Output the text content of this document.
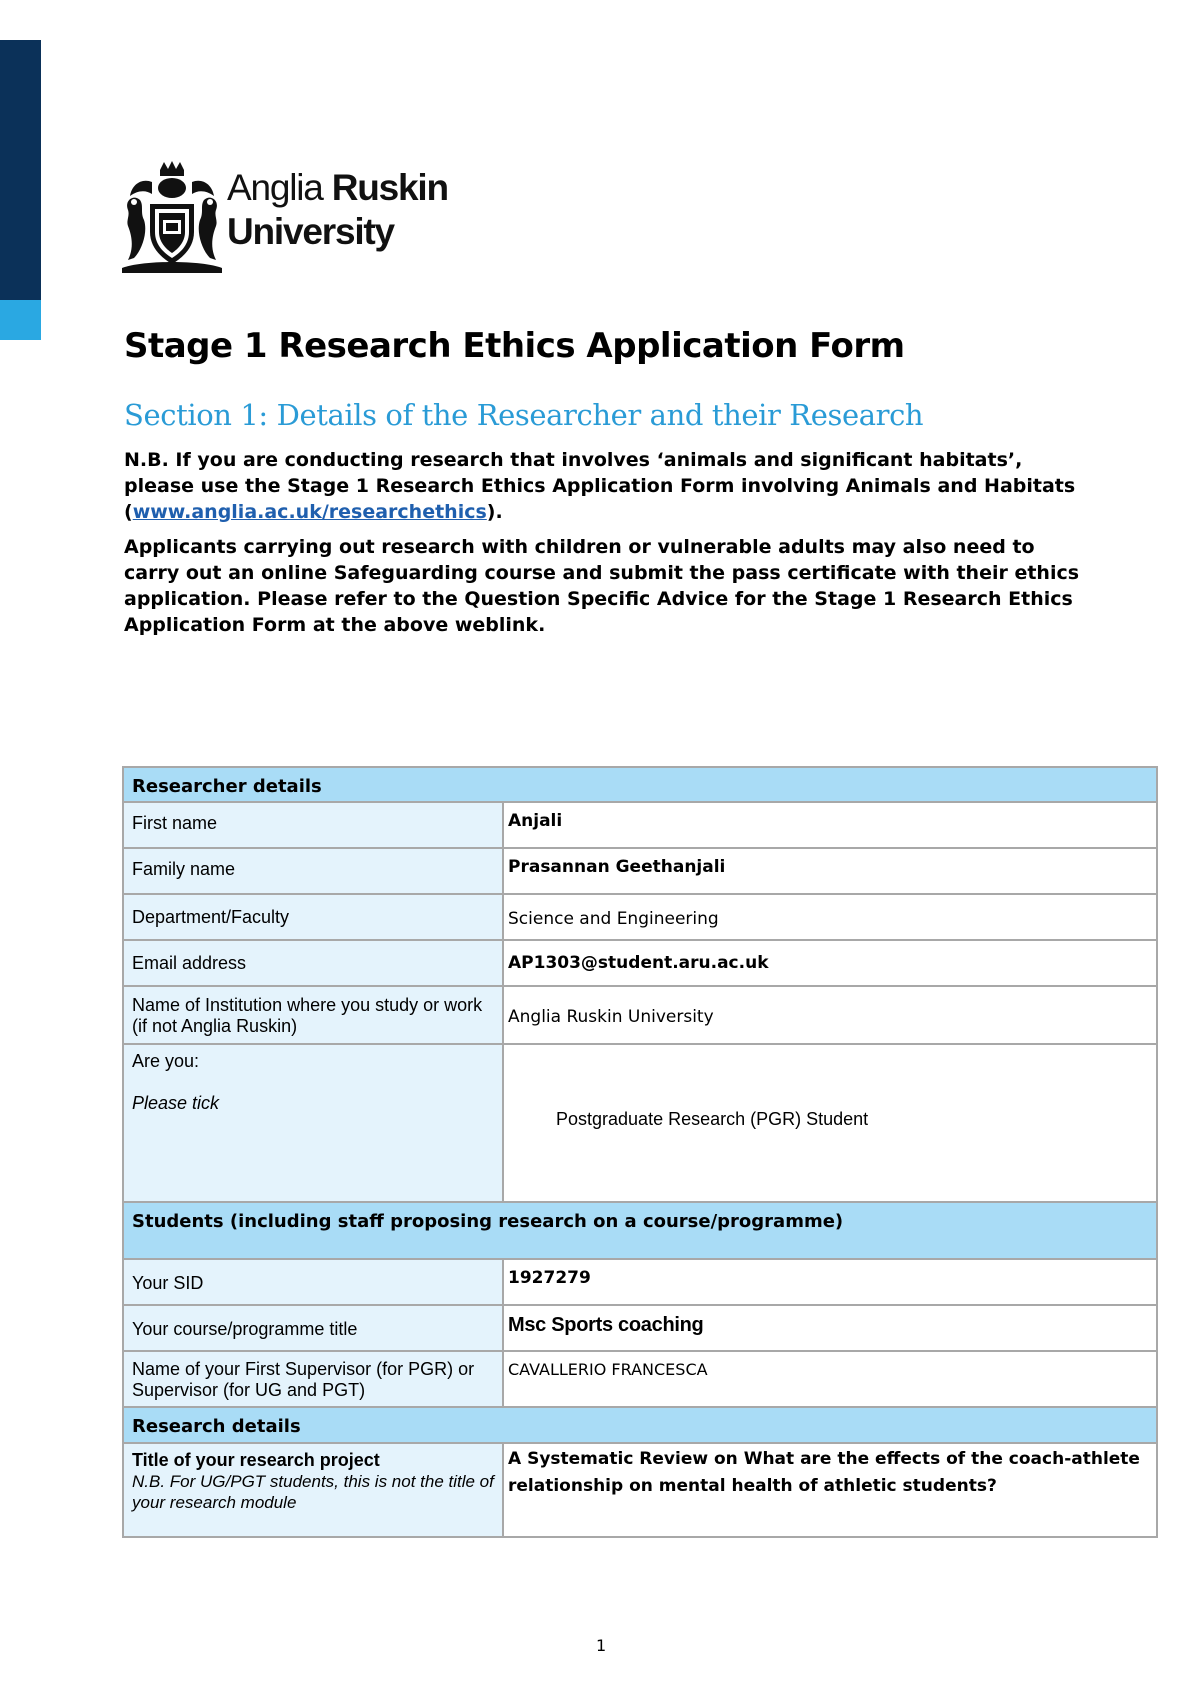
Anglia Ruskin
University
Stage 1 Research Ethics Application Form
Section 1: Details of the Researcher and their Research

N.B. If you are conducting research that involves ‘animals and significant habitats’, please use the Stage 1 Research Ethics Application Form involving Animals and Habitats (www.anglia.ac.uk/researchethics).

Applicants carrying out research with children or vulnerable adults may also need to carry out an online Safeguarding course and submit the pass certificate with their ethics application. Please refer to the Question Specific Advice for the Stage 1 Research Ethics Application Form at the above weblink.

Researcher details	
First name	Anjali
Family name	Prasannan Geethanjali
Department/Faculty	Science and Engineering
Email address	AP1303@student.aru.ac.uk
Name of Institution where you study or work (if not Anglia Ruskin)	Anglia Ruskin University
Are you:

Please tick	Postgraduate Research (PGR) Student
Students (including staff proposing research on a course/programme)	
Your SID	1927279
Your course/programme title	Msc Sports coaching
Name of your First Supervisor (for PGR) or Supervisor (for UG and PGT)	CAVALLERIO FRANCESCA
Research details	
Title of your research project
N.B. For UG/PGT students, this is not the title of your research module	A Systematic Review on What are the effects of the coach-athlete relationship on mental health of athletic students?
1
